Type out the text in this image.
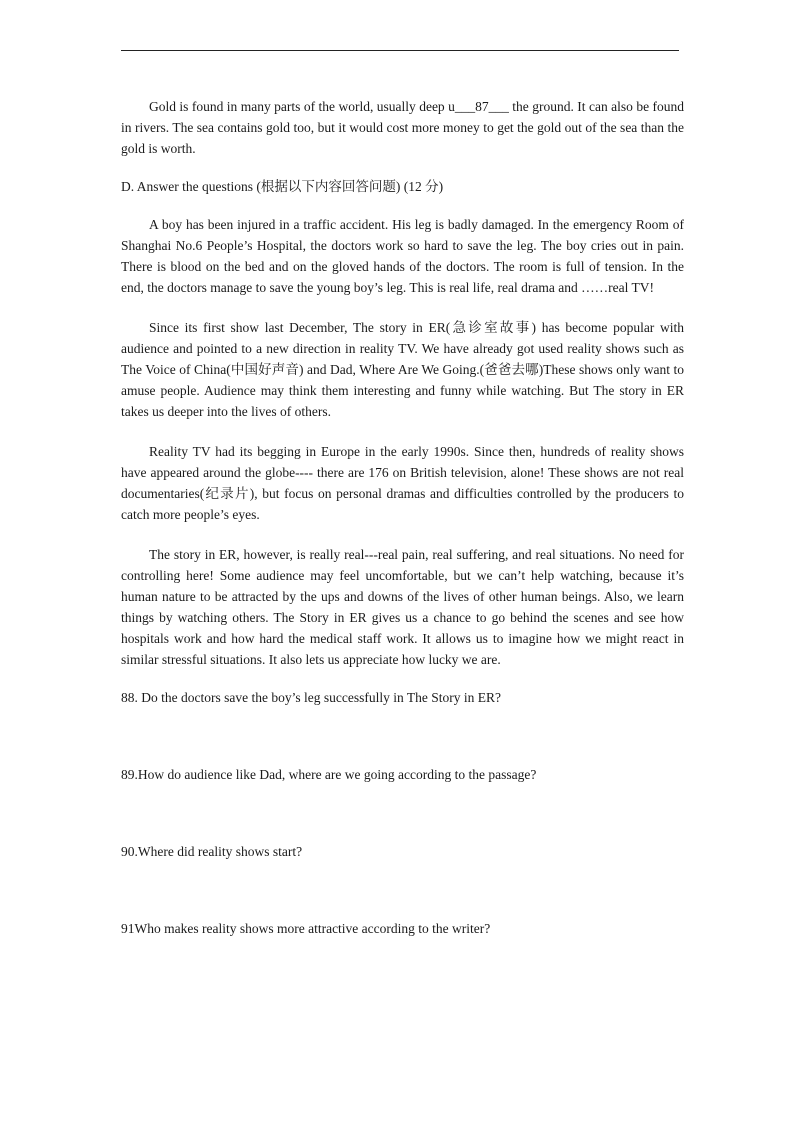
Gold is found in many parts of the world, usually deep u___87___ the ground. It can also be found in rivers. The sea contains gold too, but it would cost more money to get the gold out of the sea than the gold is worth.

D. Answer the questions (根据以下内容回答问题) (12 分)

A boy has been injured in a traffic accident. His leg is badly damaged. In the emergency Room of Shanghai No.6 People’s Hospital, the doctors work so hard to save the leg. The boy cries out in pain. There is blood on the bed and on the gloved hands of the doctors. The room is full of tension. In the end, the doctors manage to save the young boy’s leg. This is real life, real drama and ……real TV!

Since its first show last December, The story in ER(急诊室故事) has become popular with audience and pointed to a new direction in reality TV. We have already got used reality shows such as The Voice of China(中国好声音) and Dad, Where Are We Going.(爸爸去哪)These shows only want to amuse people. Audience may think them interesting and funny while watching. But The story in ER takes us deeper into the lives of others.

Reality TV had its begging in Europe in the early 1990s. Since then, hundreds of reality shows have appeared around the globe---- there are 176 on British television, alone! These shows are not real documentaries(纪录片), but focus on personal dramas and difficulties controlled by the producers to catch more people’s eyes.

The story in ER, however, is really real---real pain, real suffering, and real situations. No need for controlling here! Some audience may feel uncomfortable, but we can’t help watching, because it’s human nature to be attracted by the ups and downs of the lives of other human beings. Also, we learn things by watching others. The Story in ER gives us a chance to go behind the scenes and see how hospitals work and how hard the medical staff work. It allows us to imagine how we might react in similar stressful situations. It also lets us appreciate how lucky we are.

88. Do the doctors save the boy’s leg successfully in The Story in ER?

89.How do audience like Dad, where are we going according to the passage?

90.Where did reality shows start?

91Who makes reality shows more attractive according to the writer?
